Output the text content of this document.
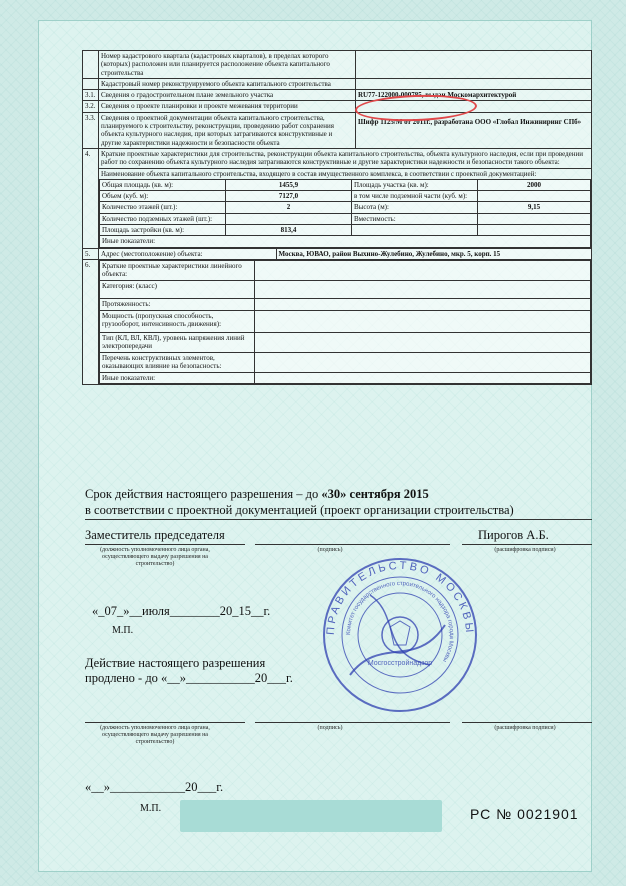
	Номер кадастрового квартала (кадастровых кварталов), в пределах которого (которых) расположен или планируется расположение объекта капитального строительства	
	Кадастровый номер реконструируемого объекта капитального строительства	
3.1.	Сведения о градостроительном плане земельного участка	RU77-122000-000785, выдан Москомархитектурой
3.2.	Сведения о проекте планировки и проекте межевания территории	
3.3.	Сведения о проектной документации объекта капитального строительства, планируемого к строительству, реконструкции, проведению работ сохранения объекта культурного наследия, при которых затрагиваются конструктивные и другие характеристики надежности и безопасности объекта	Шифр 1125/М от 2011г., разработана ООО «Глобал Инжиниринг СПб»
4.	Краткие проектные характеристики для строительства, реконструкции объекта капитального строительства, объекта культурного наследия, если при проведении работ по сохранению объекта культурного наследия затрагиваются конструктивные и другие характеристики надежности и безопасности такого объекта:
Наименование объекта капитального строительства, входящего в состав имущественного комплекса, в соответствии с проектной документацией:
Общая площадь (кв. м):	1455,9	Площадь участка (кв. м):	2000
Объем (куб. м):	7127,0	в том числе подземной части (куб. м):	
Количество этажей (шт.):	2	Высота (м):	9,15
Количество подземных этажей (шт.):		Вместимость:	
Площадь застройки (кв. м):	813,4		
Иные показатели:

5.	Адрес (местоположение) объекта:	Москва, ЮВАО, район Выхино-Жулебино, Жулебино, мкр. 5, корп. 15

6.	Краткие проектные характеристики линейного объекта:	
Категория: (класс)	
Протяженность:	
Мощность (пропускная способность, грузооборот, интенсивность движения):	
Тип (КЛ, ВЛ, КВЛ), уровень напряжения линий электропередачи	
Перечень конструктивных элементов, оказывающих влияние на безопасность:	
Иные показатели:	
Срок действия настоящего разрешения – до «30» сентября 2015
в соответствии с проектной документацией (проект организации строительства)
Заместитель председателя	Пирогов А.Б.
(должность уполномоченного лица органа, осуществляющего выдачу разрешения на строительство)
(подпись)	(расшифровка подписи)
«_07_»__июля________20_15__г.
М.П.
Действие настоящего разрешения
продлено - до «__»___________20___г.
(должность уполномоченного лица органа, осуществляющего выдачу разрешения на строительство)
(подпись)	(расшифровка подписи)
«__»____________20___г.
М.П.	РС № 0021901
ПРАВИТЕЛЬСТВО МОСКВЫ
Комитет государственного строительного надзора города Москвы
Мосгосстройнадзор
